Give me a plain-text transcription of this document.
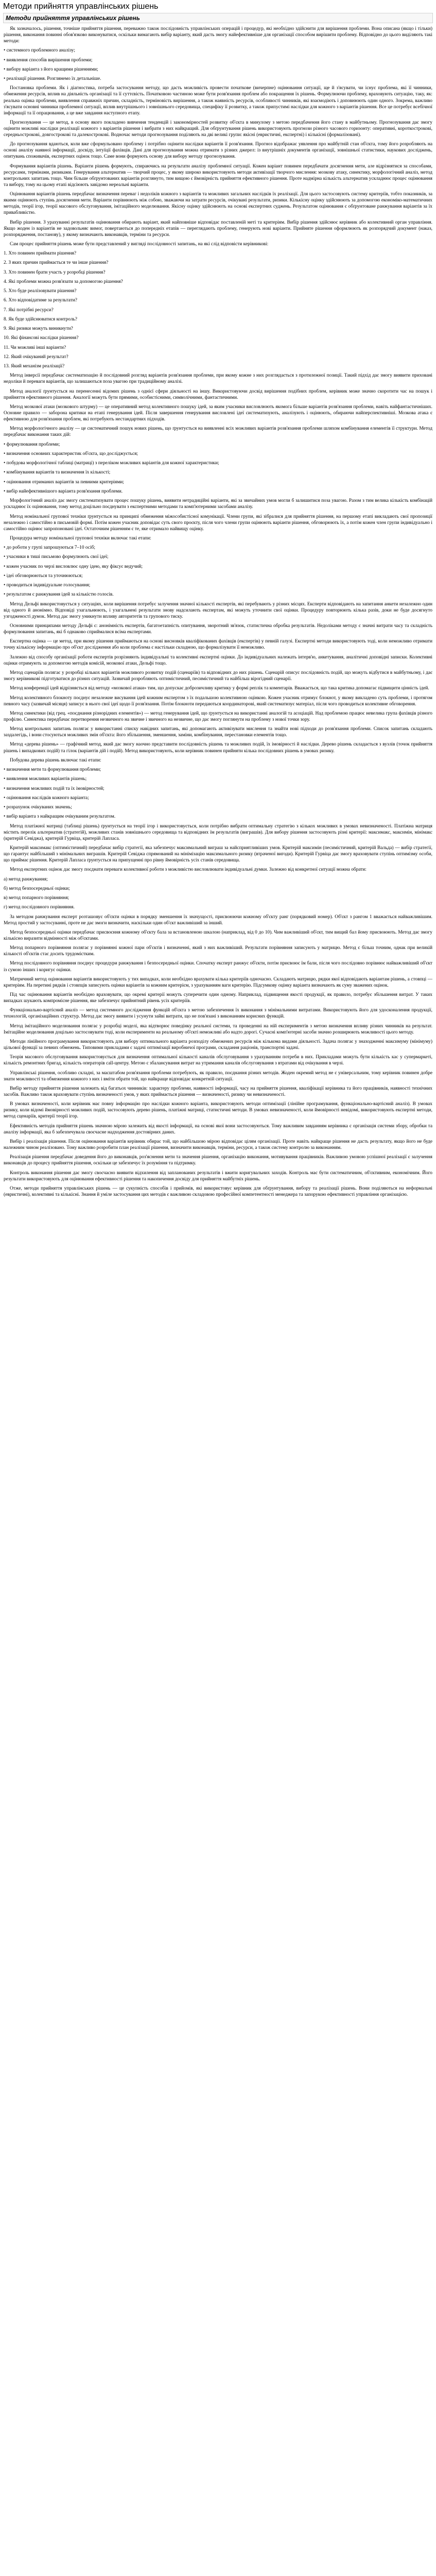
Методи прийняття управлінських рішень
Методи прийняття управлінських рішень

Як зазначалось, рішення, точніше прийняття рішення, переважно також послідовність управлінських операцій і процедур, які необхідно здійснити для вирішення проблеми. Вона описана (якщо і тільки) рішення, виконання повинні обов'язково виконуватися, оскільки вимагають вибір варіанту, який дасть змогу найефективніше для організації способом вирішити проблему. Відповідно до цього виділяють такі методи:

• системного проблемного аналізу;

• виявлення способів вирішення проблеми;

• вибору варіанта з його кращими рішеннями;

• реалізації рішення. Розглянемо їх детальніше.

Постановка проблеми. Як і діагностика, потреба застосування методу, що дасть можливість провести початкове (вичерпне) оцінювання ситуації, ще й з'ясувати, чи існує проблема, які її чинники, обмеження ресурсів, вплив на діяльність організації та її суттєвість. Початковою частиною може бути розв'язання проблем або покращення їх рішень. Формулюючи проблему, враховують ситуацію, таку, як: реальна оцінка проблеми, виявлення справжніх причин, складність, терміновість вирішення, а також наявність ресурсів, особливості чинників, які взаємодіють і доповнюють один одного. Зокрема, важливо з'ясувати основні чинники проблемної ситуації, вплив внутрішнього і зовнішнього середовища, специфіку її розвитку, а також припустимі наслідки для кожного з варіантів рішення. Все це потребує всебічної інформації та її опрацювання, а це вже завдання наступного етапу.

Прогнозування — це метод, в основу якого покладено вивчення тенденцій і закономірностей розвитку об'єкта в минулому з метою передбачення його стану в майбутньому. Прогнозування дає змогу оцінити можливі наслідки реалізації кожного з варіантів рішення і вибрати з них найкращий. Для обґрунтування рішень використовують прогнози різного часового горизонту: оперативні, короткострокові, середньострокові, довгострокові та далекострокові. Водночас методи прогнозування поділяють на дві великі групи: якісні (евристичні, експертні) і кількісні (формалізовані).

До прогнозування вдаються, коли вже сформульовано проблему і потрібно оцінити наслідки варіантів її розв'язання. Прогноз відображає уявлення про майбутній стан об'єкта, тому його розробляють на основі аналізу наявної інформації, досвіду, інтуїції фахівців. Дані для прогнозування можна отримати з різних джерел: із внутрішніх документів організації, зовнішньої статистики, наукових досліджень, опитувань споживачів, експертних оцінок тощо. Саме вони формують основу для вибору методу прогнозування.

Формування варіантів рішень. Варіанти рішень формують, спираючись на результати аналізу проблемної ситуації. Кожен варіант повинен передбачати досягнення мети, але відрізнятися за способами, ресурсами, термінами, ризиками. Генерування альтернатив — творчий процес, у якому широко використовують методи активізації творчого мислення: мозкову атаку, синектику, морфологічний аналіз, метод контрольних запитань тощо. Чим більше обґрунтованих варіантів розглянуто, тим вищою є ймовірність прийняття ефективного рішення. Проте надмірна кількість альтернатив ускладнює процес оцінювання та вибору, тому на цьому етапі відсіюють завідомо нереальні варіанти.

Оцінювання варіантів рішень передбачає визначення переваг і недоліків кожного з варіантів та можливих загальних наслідків їх реалізації. Для цього застосовують систему критеріїв, тобто показників, за якими оцінюють ступінь досягнення мети. Варіанти порівнюють між собою, зважаючи на затрати ресурсів, очікувані результати, ризики. Кількісну оцінку здійснюють за допомогою економіко-математичних методів, теорії ігор, теорії масового обслуговування, імітаційного моделювання. Якісну оцінку здійснюють на основі експертних суджень. Результатом оцінювання є обґрунтоване ранжування варіантів за їх привабливістю.

Вибір рішення. З урахуванні результатів оцінювання обирають варіант, який найповніше відповідає поставленій меті та критеріям. Вибір рішення здійснює керівник або колективний орган управління. Якщо жоден із варіантів не задовольняє вимог, повертаються до попередніх етапів — переглядають проблему, генерують нові варіанти. Прийняте рішення оформлюють як розпорядчий документ (наказ, розпорядження, постанову), у якому визначають виконавців, терміни та ресурси.

Сам процес прийняття рішень може бути представлений у вигляді послідовності запитань, на які слід відповісти керівникові:

1. Хто повинен приймати рішення?

2. З яких причин приймається те чи інше рішення?

3. Хто повинен брати участь у розробці рішення?

4. Які проблеми можна розв'язати за допомогою рішення?

5. Хто буде реалізовувати рішення?

6. Хто відповідатиме за результати?

7. Які потрібні ресурси?

8. Як буде здійснюватися контроль?

9. Які ризики можуть виникнути?

10. Які фінансові наслідки рішення?

11. Чи можливі інші варіанти?

12. Який очікуваний результат?

13. Який механізм реалізації?

Метод інверсії передбачає систематизацію й послідовний розгляд варіантів розв'язання проблеми, при якому кожне з них розглядається з протилежної позиції. Такий підхід дає змогу виявити приховані недоліки й переваги варіантів, що залишаються поза увагою при традиційному аналізі.

Метод аналогії ґрунтується на перенесенні відомих рішень з однієї сфери діяльності на іншу. Використовуючи досвід вирішення подібних проблем, керівник може значно скоротити час на пошук і прийняття ефективного рішення. Аналогії можуть бути прямими, особистісними, символічними, фантастичними.

Метод мозкової атаки (мозкового штурму) — це оперативний метод колективного пошуку ідей, за яким учасники висловлюють якомога більше варіантів розв'язання проблеми, навіть найфантастичніших. Основне правило — заборона критики на етапі генерування ідей. Після завершення генерування висловлені ідеї систематизують, аналізують і оцінюють, обираючи найперспективніші. Мозкова атака є ефективною для розв'язання проблем, які потребують нестандартних підходів.

Метод морфологічного аналізу — це систематичний пошук нових рішень, що ґрунтується на виявленні всіх можливих варіантів розв'язання проблеми шляхом комбінування елементів її структури. Метод передбачає виконання таких дій:

• формулювання проблеми;

• визначення основних характеристик об'єкта, що досліджується;

• побудова морфологічної таблиці (матриці) з переліком можливих варіантів для кожної характеристики;

• комбінування варіантів та визначення їх кількості;

• оцінювання отриманих варіантів за певними критеріями;

• вибір найефективнішого варіанта розв'язання проблеми.

Морфологічний аналіз дає змогу систематизувати процес пошуку рішень, виявити нетрадиційні варіанти, які за звичайних умов могли б залишитися поза увагою. Разом з тим велика кількість комбінацій ускладнює їх оцінювання, тому метод доцільно поєднувати з експертними методами та комп'ютерними засобами аналізу.

Метод номінальної групової техніки ґрунтується на принципі обмеження міжособистісної комунікації. Члени групи, які зібралися для прийняття рішення, на першому етапі викладають свої пропозиції незалежно і самостійно в письмовій формі. Потім кожен учасник доповідає суть свого проєкту, після чого члени групи оцінюють варіанти рішення, обговорюють їх, а потім кожен член групи індивідуально і самостійно оцінює запропоновані ідеї. Остаточним рішенням є те, яке отримало найвищу оцінку.

Процедура методу номінальної групової техніки включає такі етапи:

• до роботи у групі запрошуються 7–10 осіб;

• учасники в тиші письмово формулюють свої ідеї;

• кожен учасник по черзі висловлює одну ідею, яку фіксує ведучий;

• ідеї обговорюються та уточнюються;

• проводиться індивідуальне голосування;

• результатом є ранжування ідей за кількістю голосів.

Метод Дельфі використовується у ситуаціях, коли вирішення потребує залучення значної кількості експертів, які перебувають у різних місцях. Експерти відповідають на запитання анкети незалежно один від одного й анонімно. Відповіді узагальнюють, і узагальнені результати знову надсилають експертам, які можуть уточнити свої оцінки. Процедуру повторюють кілька разів, доки не буде досягнуто узгодженості думок. Метод дає змогу уникнути впливу авторитетів та групового тиску.

Основними принципами методу Дельфі є: анонімність експертів, багатоетапність опитування, зворотний зв'язок, статистична обробка результатів. Недоліками методу є значні витрати часу та складність формулювання запитань, які б однаково сприймалися всіма експертами.

Експертна оцінка — це метод, при якому рішення приймаються на основі висновків кваліфікованих фахівців (експертів) у певній галузі. Експертні методи використовують тоді, коли неможливо отримати точну кількісну інформацію про об'єкт дослідження або коли проблема є настільки складною, що формалізувати її неможливо.

Залежно від способу організації роботи експертів розрізняють індивідуальні та колективні експертні оцінки. До індивідуальних належать інтерв'ю, анкетування, аналітичні доповідні записки. Колективні оцінки отримують за допомогою методів комісій, мозкової атаки, Дельфі тощо.

Метод сценаріїв полягає у розробці кількох варіантів можливого розвитку подій (сценаріїв) та відповідних до них рішень. Сценарій описує послідовність подій, що можуть відбутися в майбутньому, і дає змогу керівникові підготуватися до різних ситуацій. Зазвичай розробляють оптимістичний, песимістичний та найбільш вірогідний сценарії.

Метод конференції ідей відрізняється від методу «мозкової атаки» тим, що допускає доброзичливу критику у формі реплік та коментарів. Вважається, що така критика допомагає підвищити цінність ідей.

Метод колективного блокноту поєднує незалежне висування ідей кожним експертом з їх подальшою колективною оцінкою. Кожен учасник отримує блокнот, у якому викладено суть проблеми, і протягом певного часу (зазвичай місяця) записує в нього свої ідеї щодо її розв'язання. Потім блокноти передаються координаторові, який систематизує матеріал, після чого проводиться колективне обговорення.

Метод синектики (від грец. «поєднання різнорідних елементів») — метод генерування ідей, що ґрунтується на використанні аналогій та асоціацій. Над проблемою працює невелика група фахівців різного профілю. Синектика передбачає перетворення незвичного на звичне і звичного на незвичне, що дає змогу поглянути на проблему з нової точки зору.

Метод контрольних запитань полягає у використанні списку навідних запитань, які допомагають активізувати мислення та знайти нові підходи до розв'язання проблеми. Список запитань складають заздалегідь, і вони стосуються можливих змін об'єкта: його збільшення, зменшення, заміни, комбінування, перестановки елементів тощо.

Метод «дерева рішень» — графічний метод, який дає змогу наочно представити послідовність рішень та можливих подій, їх імовірності й наслідки. Дерево рішень складається з вузлів (точок прийняття рішень і випадкових подій) та гілок (варіантів дій і подій). Метод використовують, коли керівник повинен прийняти кілька послідовних рішень в умовах ризику.

Побудова дерева рішень включає такі етапи:

• визначення мети та формулювання проблеми;

• виявлення можливих варіантів рішень;

• визначення можливих подій та їх імовірностей;

• оцінювання наслідків кожного варіанта;

• розрахунок очікуваних значень;

• вибір варіанта з найкращим очікуваним результатом.

Метод платіжної матриці (таблиці рішень) ґрунтується на теорії ігор і використовується, коли потрібно вибрати оптимальну стратегію з кількох можливих в умовах невизначеності. Платіжна матриця містить перелік альтернатив (стратегій), можливих станів зовнішнього середовища та відповідних їм результатів (виграшів). Для вибору рішення застосовують різні критерії: максимакс, максимін, мінімакс (критерій Севіджа), критерій Гурвіца, критерій Лапласа.

Критерій максимакс (оптимістичний) передбачає вибір стратегії, яка забезпечує максимальний виграш за найсприятливіших умов. Критерій максимін (песимістичний, критерій Вальда) — вибір стратегії, що гарантує найбільший з мінімальних виграшів. Критерій Севіджа спрямований на мінімізацію максимального ризику (втраченої вигоди). Критерій Гурвіца дає змогу враховувати ступінь оптимізму особи, що приймає рішення. Критерій Лапласа ґрунтується на припущенні про рівну ймовірність усіх станів середовища.

Метод експертних оцінок дає змогу поєднати переваги колективної роботи з можливістю висловлювати індивідуальні думки. Залежно від конкретної ситуації можна обрати:

а) метод ранжування;

б) метод безпосередньої оцінки;

в) метод попарного порівняння;

г) метод послідовного порівняння.

За методом ранжування експерт розташовує об'єкти оцінки в порядку зменшення їх значущості, присвоюючи кожному об'єкту ранг (порядковий номер). Об'єкт з рангом 1 вважається найважливішим. Метод простий у застосуванні, проте не дає змоги визначити, наскільки один об'єкт важливіший за інший.

Метод безпосередньої оцінки передбачає присвоєння кожному об'єкту бала за встановленою шкалою (наприклад, від 0 до 10). Чим важливіший об'єкт, тим вищий бал йому присвоюють. Метод дає змогу кількісно виразити відмінності між об'єктами.

Метод попарного порівняння полягає у порівнянні кожної пари об'єктів і визначенні, який з них важливіший. Результати порівняння записують у матрицю. Метод є більш точним, однак при великій кількості об'єктів стає досить трудомістким.

Метод послідовного порівняння поєднує процедури ранжування і безпосередньої оцінки. Спочатку експерт ранжує об'єкти, потім присвоює їм бали, після чого послідовно порівнює найважливіший об'єкт із сумою інших і коригує оцінки.

Матричний метод оцінювання варіантів використовують у тих випадках, коли необхідно врахувати кілька критеріїв одночасно. Складають матрицю, рядки якої відповідають варіантам рішень, а стовпці — критеріям. На перетині рядків і стовпців записують оцінки варіантів за кожним критерієм, з урахуванням ваги критерію. Підсумкову оцінку варіанта визначають як суму зважених оцінок.

Під час оцінювання варіантів необхідно враховувати, що окремі критерії можуть суперечити один одному. Наприклад, підвищення якості продукції, як правило, потребує збільшення витрат. У таких випадках шукають компромісне рішення, яке забезпечує прийнятний рівень усіх критеріїв.

Функціонально-вартісний аналіз — метод системного дослідження функцій об'єкта з метою забезпечення їх виконання з мінімальними витратами. Використовують його для удосконалення продукції, технологій, організаційних структур. Метод дає змогу виявити і усунути зайві витрати, що не пов'язані з виконанням корисних функцій.

Метод імітаційного моделювання полягає у розробці моделі, яка відтворює поведінку реальної системи, та проведенні на ній експериментів з метою визначення впливу різних чинників на результат. Імітаційне моделювання доцільно застосовувати тоді, коли експерименти на реальному об'єкті неможливі або надто дорогі. Сучасні комп'ютерні засоби значно розширюють можливості цього методу.

Методи лінійного програмування використовують для вибору оптимального варіанта розподілу обмежених ресурсів між кількома видами діяльності. Задача полягає у знаходженні максимуму (мінімуму) цільової функції за певних обмежень. Типовими прикладами є задачі оптимізації виробничої програми, складання раціонів, транспортні задачі.

Теорія масового обслуговування використовується для визначення оптимальної кількості каналів обслуговування з урахуванням потреби в них. Прикладами можуть бути кількість кас у супермаркеті, кількість ремонтних бригад, кількість операторів call-центру. Метою є збалансування витрат на утримання каналів обслуговування з втратами від очікування в черзі.

Управлінські рішення, особливо складні, за масштабом розв'язання проблеми потребують, як правило, поєднання різних методів. Жоден окремий метод не є універсальним, тому керівник повинен добре знати можливості та обмеження кожного з них і вміти обрати той, що найкраще відповідає конкретній ситуації.

Вибір методу прийняття рішення залежить від багатьох чинників: характеру проблеми, наявності інформації, часу на прийняття рішення, кваліфікації керівника та його працівників, наявності технічних засобів. Важливо також враховувати ступінь визначеності умов, у яких приймається рішення — визначеності, ризику чи невизначеності.

В умовах визначеності, коли керівник має повну інформацію про наслідки кожного варіанта, використовують методи оптимізації (лінійне програмування, функціонально-вартісний аналіз). В умовах ризику, коли відомі ймовірності можливих подій, застосовують дерево рішень, платіжні матриці, статистичні методи. В умовах невизначеності, коли ймовірності невідомі, використовують експертні методи, метод сценаріїв, критерії теорії ігор.

Ефективність методів прийняття рішень значною мірою залежить від якості інформації, на основі якої вони застосовуються. Тому важливим завданням керівника є організація системи збору, обробки та аналізу інформації, яка б забезпечувала своєчасне надходження достовірних даних.

Вибір і реалізація рішення. Після оцінювання варіантів керівник обирає той, що найбільшою мірою відповідає цілям організації. Проте навіть найкраще рішення не дасть результату, якщо його не буде належним чином реалізовано. Тому важливо розробити план реалізації рішення, визначити виконавців, терміни, ресурси, а також систему контролю за виконанням.

Реалізація рішення передбачає доведення його до виконавців, роз'яснення мети та значення рішення, організацію виконання, мотивування працівників. Важливою умовою успішної реалізації є залучення виконавців до процесу прийняття рішення, оскільки це забезпечує їх розуміння та підтримку.

Контроль виконання рішення дає змогу своєчасно виявити відхилення від запланованих результатів і вжити коригувальних заходів. Контроль має бути систематичним, об'єктивним, економічним. Його результати використовують для оцінювання ефективності рішення та накопичення досвіду для прийняття майбутніх рішень.

Отже, методи прийняття управлінських рішень — це сукупність способів і прийомів, які використовує керівник для обґрунтування, вибору та реалізації рішень. Вони поділяються на неформальні (евристичні), колективні та кількісні. Знання й уміле застосування цих методів є важливою складовою професійної компетентності менеджера та запорукою ефективності управління організацією.
